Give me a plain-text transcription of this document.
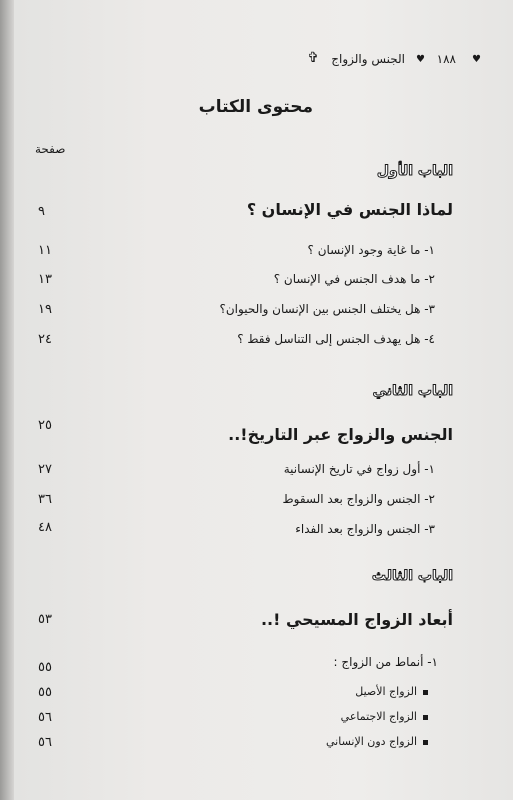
♥
١٨٨
♥
الجنس والزواج
✞
محتوى الكتاب
صفحة
الباب الأول
لماذا الجنس في الإنسان ؟
٩
١- ما غاية وجود الإنسان ؟
١١
٢- ما هدف الجنس في الإنسان ؟
١٣
٣- هل يختلف الجنس بين الإنسان والحيوان؟
١٩
٤- هل يهدف الجنس إلى التناسل فقط ؟
٢٤
الباب الثاني
٢٥	الجنس والزواج عبر التاريخ!..
١- أول زواج في تاريخ الإنسانية
٢٧
٢- الجنس والزواج بعد السقوط
٣٦
٣- الجنس والزواج بعد الفداء
٤٨
الباب الثالث
أبعاد الزواج المسيحي !..
٥٣
١- أنماط من الزواج :
٥٥
الزواج الأصيل
٥٥
الزواج الاجتماعي
٥٦
الزواج دون الإنساني
٥٦
